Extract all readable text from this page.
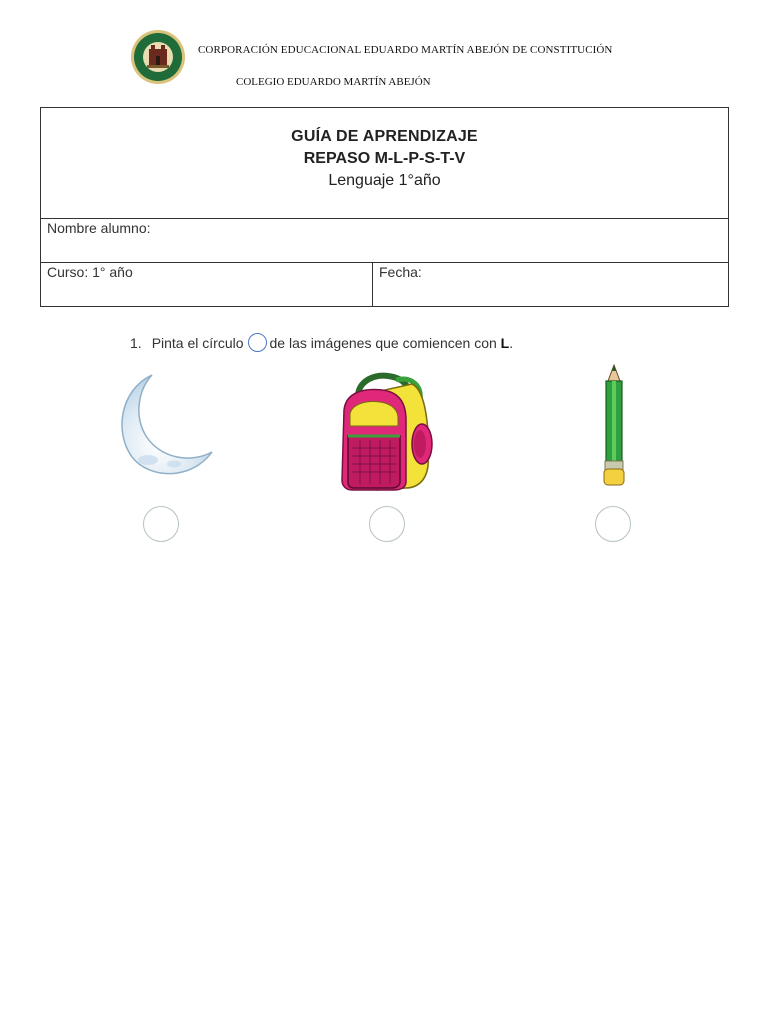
CORPORACIÓN EDUCACIONAL EDUARDO MARTÍN ABEJÓN DE CONSTITUCIÓN
COLEGIO EDUARDO MARTÍN ABEJÓN
GUÍA DE APRENDIZAJE
REPASO M-L-P-S-T-V
Lenguaje 1°año

Nombre alumno:

Curso: 1° año	Fecha:
1. Pinta el círculo de las imágenes que comiencen con
L .
